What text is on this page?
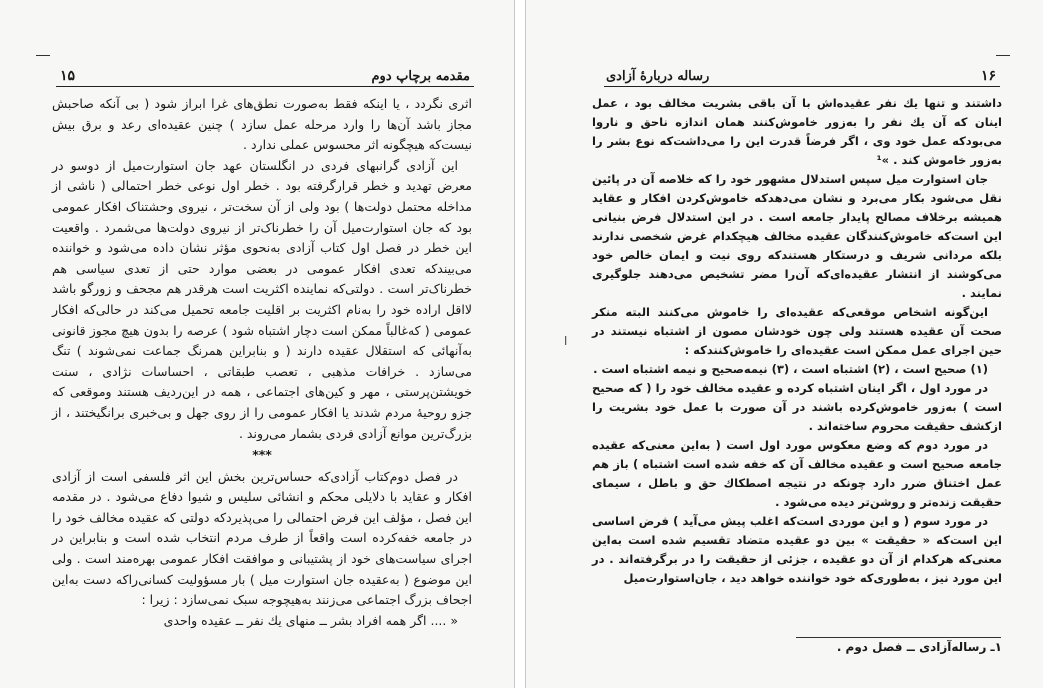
مقدمه برچاپ دوم
۱۵

اثری نگردد ، یا اینکه فقط به‌صورت نطق‌های غرا ابراز شود ( بی آنکه صاحبش مجاز باشد آن‌ها را وارد مرحله عمل سازد ) چنین عقیده‌ای رعد و برق بیش نیست‌که هیچگونه اثر محسوس عملی ندارد .

این آزادی گرانبهای فردی در انگلستان عهد جان استوارت‌میل از دوسو در معرض تهدید و خطر قرارگرفته بود . خطر اول نوعی خطر احتمالی ( ناشی از مداخله محتمل دولت‌ها ) بود ولی از آن سخت‌تر ، نیروی وحشتناک افکار عمومی بود که جان استوارت‌میل آن را خطرناک‌تر از نیروی دولت‌ها می‌شمرد . واقعیت این خطر در فصل اول کتاب آزادی به‌نحوی مؤثر نشان داده می‌شود و خواننده می‌بیندکه تعدی افکار عمومی در بعضی موارد حتی از تعدی سیاسی هم خطرناک‌تر است . دولتی‌که نماینده اکثریت است هرقدر هم مجحف و زورگو باشد لااقل اراده خود را به‌نام اکثریت بر اقلیت جامعه تحمیل می‌کند در حالی‌که افکار عمومی ( که‌غالباً ممکن است دچار اشتباه شود ) عرصه را بدون هیچ مجوز قانونی به‌آنهائی که استقلال عقیده دارند ( و بنابراین همرنگ جماعت نمی‌شوند ) تنگ می‌سازد . خرافات مذهبی ، تعصب طبقاتی ، احساسات نژادی ، سنت خویشتن‌پرستی ، مهر و کین‌های اجتماعی ، همه در این‌ردیف هستند وموقعی که جزو روحیهٔ مردم شدند یا افکار عمومی را از روی جهل و بی‌خبری برانگیختند ، از بزرگ‌ترین موانع آزادی فردی بشمار می‌روند .

***

در فصل دوم‌کتاب آزادی‌که حساس‌ترین بخش این اثر فلسفی است از آزادی افکار و عقاید با دلایلی محکم و انشائی سلیس و شیوا دفاع می‌شود . در مقدمه این فصل ، مؤلف این فرض احتمالی را می‌پذیرد‌که دولتی که عقیده مخالف خود را در جامعه خفه‌کرده است واقعاً از طرف مردم انتخاب شده است و بنابراین در اجرای سیاست‌های خود از پشتیبانی و موافقت افکار عمومی بهره‌مند است . ولی این موضوع ( به‌عقیده جان استوارت میل ) بار مسؤولیت کسانی‌راکه دست به‌این اجحاف بزرگ اجتماعی می‌زنند به‌هیچوجه سبک نمی‌سازد : زیرا :

« .... اگر همه افراد بشر ــ منهای یك نفر ــ عقیده واحدی

۱۶
رساله دربارهٔ آزادی
ا

داشتند و تنها یك نفر عقیده‌اش با آن باقی بشریت مخالف بود ، عمل اینان که آن یك نفر را به‌زور خاموش‌کنند همان اندازه ناحق و ناروا می‌بودکه عمل خود وی ، اگر فرضاً قدرت این را می‌داشت‌که نوع بشر را به‌زور خاموش کند . »¹

جان استوارت میل سپس استدلال مشهور خود را که خلاصه آن در پائین نقل می‌شود بکار می‌برد و نشان می‌دهدکه خاموش‌کردن افکار و عقاید همیشه برخلاف مصالح پایدار جامعه است . در این استدلال فرض بنیانی این است‌که خاموش‌کنندگان عقیده مخالف هیچکدام غرض شخصی ندارند بلکه مردانی شریف و درستکار هستندکه روی نیت و ایمان خالص خود می‌کوشند از انتشار عقیده‌ای‌که آن‌را مضر تشخیص می‌دهند جلوگیری نمایند .

این‌گونه اشخاص موقعی‌که عقیده‌ای را خاموش می‌کنند البته منکر صحت آن عقیده هستند ولی چون خودشان مصون از اشتباه نیستند در حین اجرای عمل ممکن است عقیده‌ای را خاموش‌کنندکه :

(۱) صحیح است ، (۲) اشتباه است ، (۳) نیمه‌صحیح و نیمه اشتباه است .

در مورد اول ، اگر اینان اشتباه کرده و عقیده مخالف خود را ( که صحیح است ) به‌زور خاموش‌کرده باشند در آن صورت با عمل خود بشریت را ازکشف حقیقت محروم ساخته‌اند .

در مورد دوم که وضع معکوس مورد اول است ( به‌این معنی‌که عقیده جامعه صحیح است و عقیده مخالف آن که خفه شده است اشتباه ) باز هم عمل اختناق ضرر دارد چونکه در نتیجه اصطکاك حق و باطل ، سیمای حقیقت زنده‌تر و روشن‌تر دیده می‌شود .

در مورد سوم ( و این موردی است‌که اغلب پیش می‌آید ) فرض اساسی این است‌که « حقیقت » بین دو عقیده متضاد تقسیم شده است به‌این معنی‌که هرکدام از آن دو عقیده ، جزئی از حقیقت را در برگرفته‌اند . در این مورد نیز ، به‌طوری‌که خود خواننده خواهد دید ، جان‌استوارت‌میل

۱ـ رساله‌آزادی ــ فصل دوم .
